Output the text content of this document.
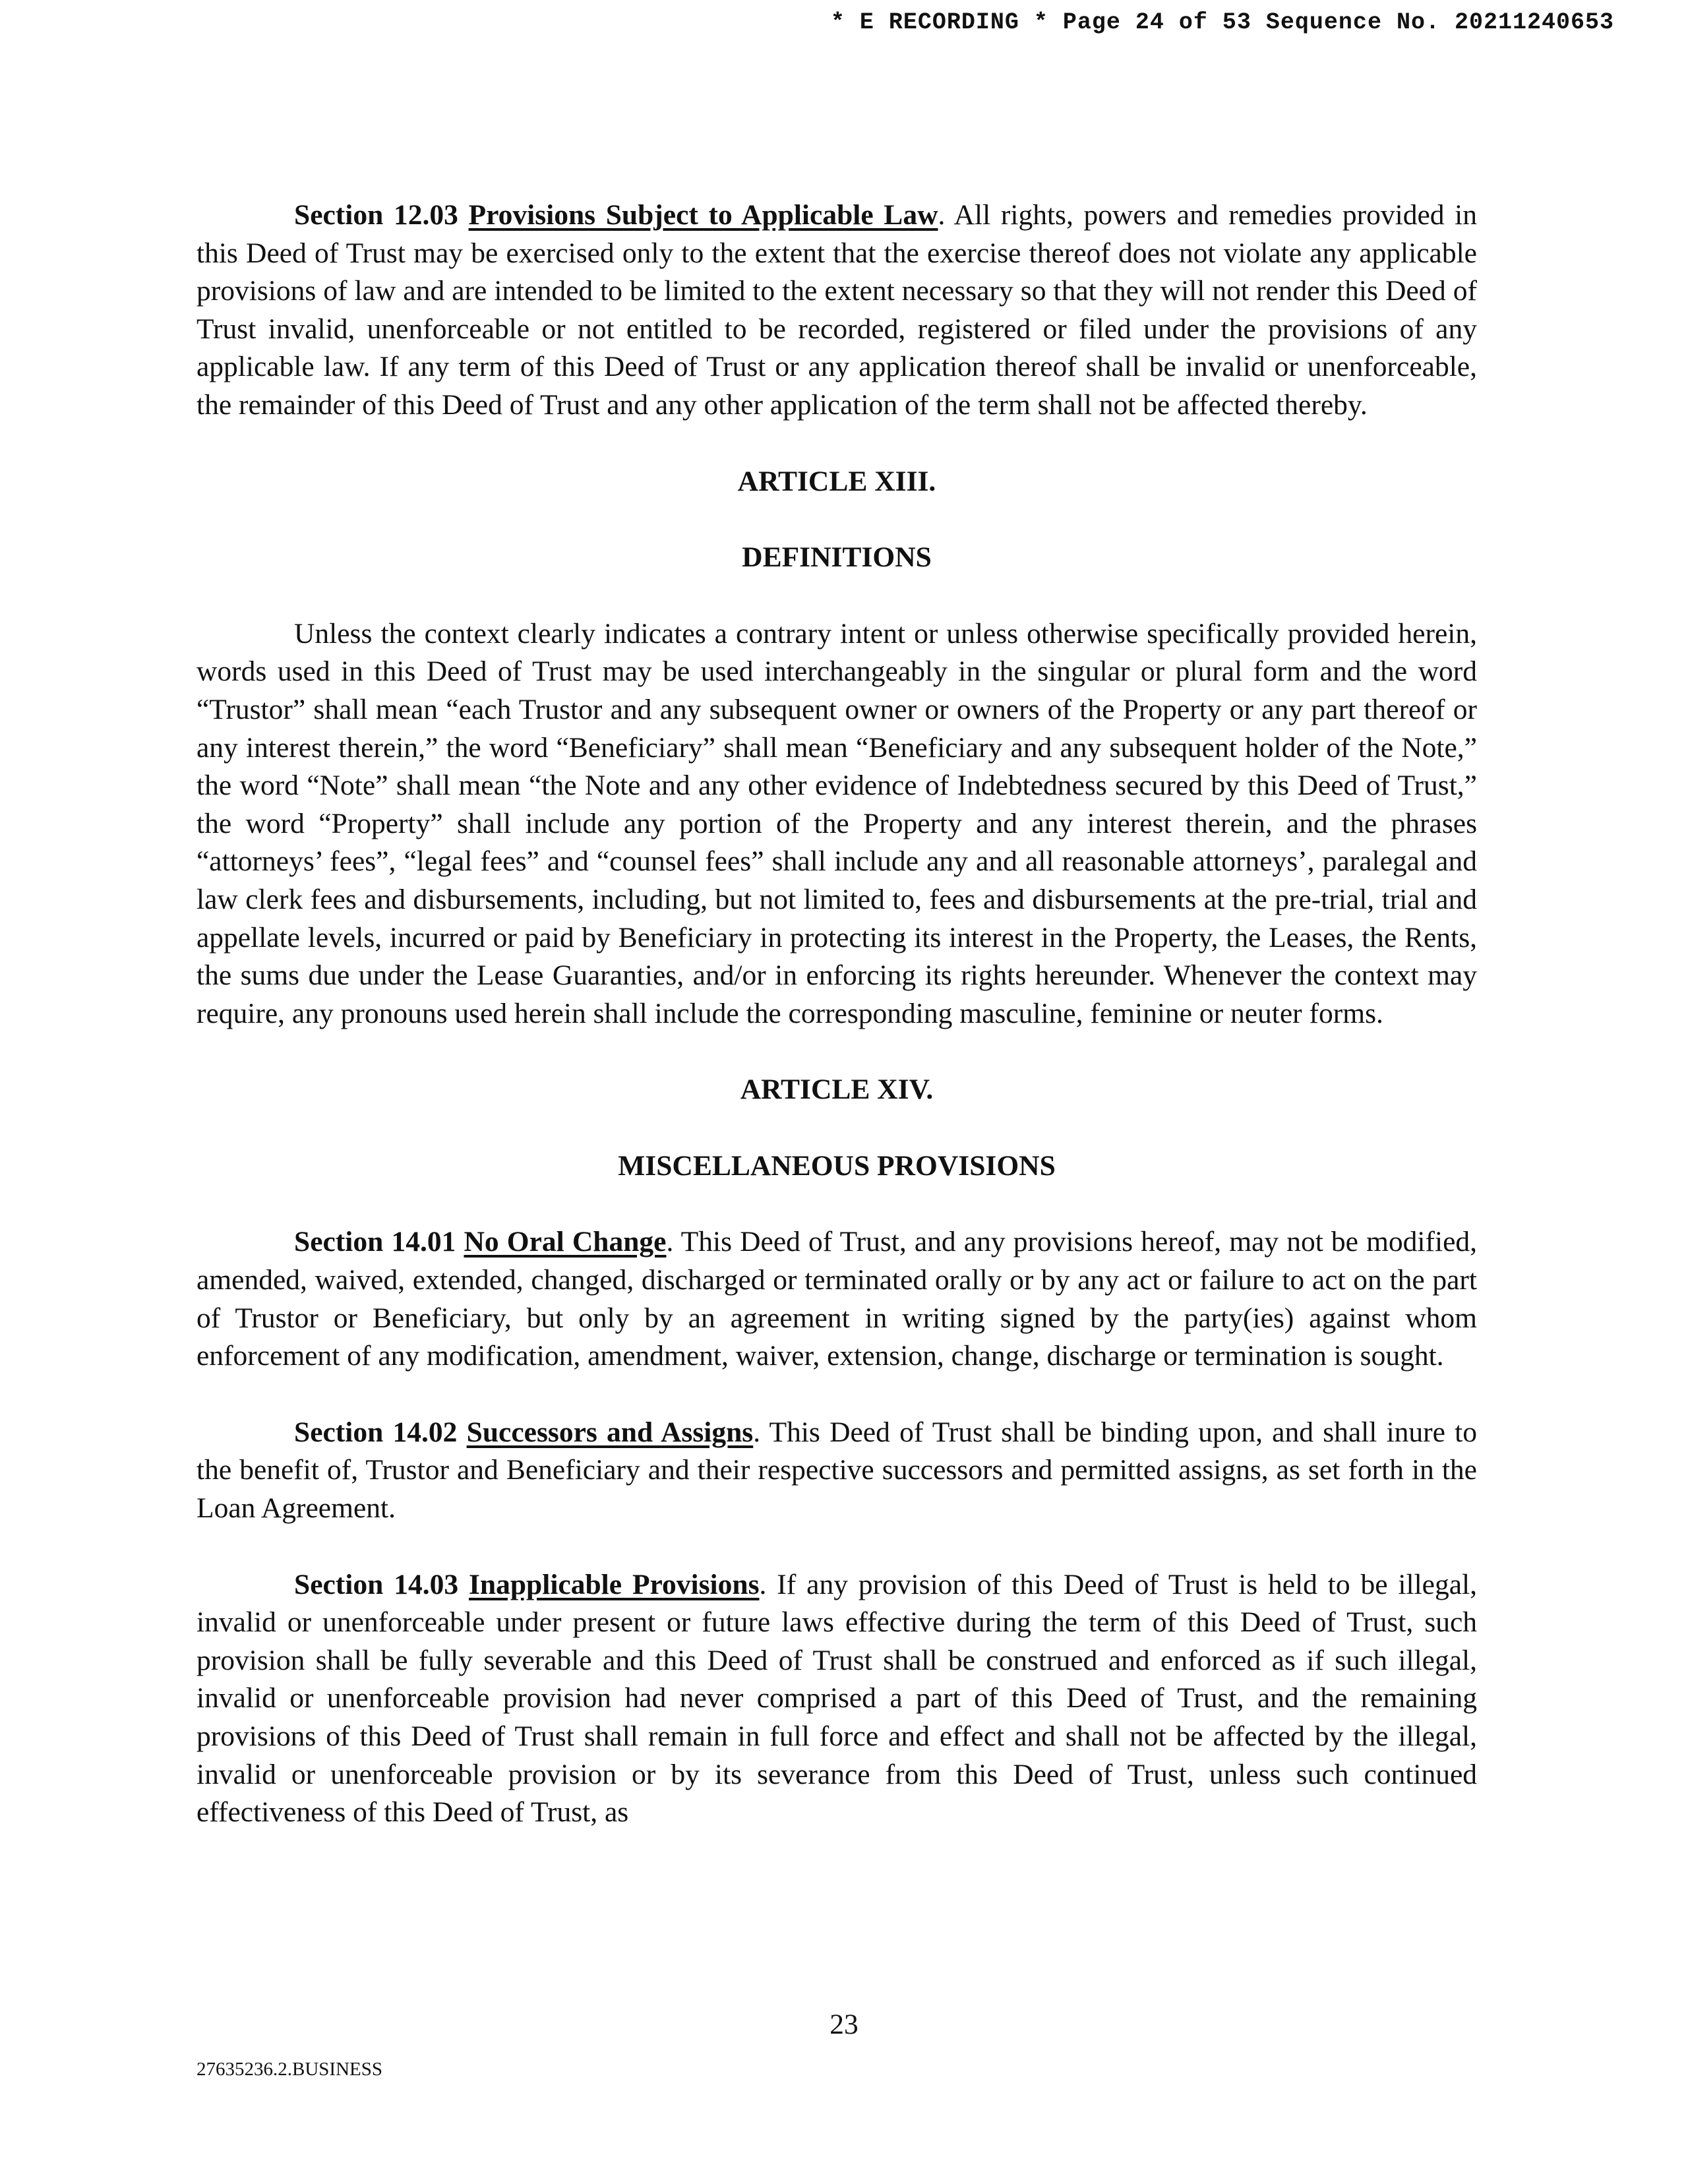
* E RECORDING * Page 24 of 53 Sequence No. 20211240653

Section 12.03 Provisions Subject to Applicable Law. All rights, powers and remedies provided in this Deed of Trust may be exercised only to the extent that the exercise thereof does not violate any applicable provisions of law and are intended to be limited to the extent necessary so that they will not render this Deed of Trust invalid, unenforceable or not entitled to be recorded, registered or filed under the provisions of any applicable law. If any term of this Deed of Trust or any application thereof shall be invalid or unenforceable, the remainder of this Deed of Trust and any other application of the term shall not be affected thereby.

ARTICLE XIII.

DEFINITIONS

Unless the context clearly indicates a contrary intent or unless otherwise specifically provided herein, words used in this Deed of Trust may be used interchangeably in the singular or plural form and the word “Trustor” shall mean “each Trustor and any subsequent owner or owners of the Property or any part thereof or any interest therein,” the word “Beneficiary” shall mean “Beneficiary and any subsequent holder of the Note,” the word “Note” shall mean “the Note and any other evidence of Indebtedness secured by this Deed of Trust,” the word “Property” shall include any portion of the Property and any interest therein, and the phrases “attorneys’ fees”, “legal fees” and “counsel fees” shall include any and all reasonable attorneys’, paralegal and law clerk fees and disbursements, including, but not limited to, fees and disbursements at the pre-trial, trial and appellate levels, incurred or paid by Beneficiary in protecting its interest in the Property, the Leases, the Rents, the sums due under the Lease Guaranties, and/or in enforcing its rights hereunder. Whenever the context may require, any pronouns used herein shall include the corresponding masculine, feminine or neuter forms.

ARTICLE XIV.

MISCELLANEOUS PROVISIONS

Section 14.01 No Oral Change. This Deed of Trust, and any provisions hereof, may not be modified, amended, waived, extended, changed, discharged or terminated orally or by any act or failure to act on the part of Trustor or Beneficiary, but only by an agreement in writing signed by the party(ies) against whom enforcement of any modification, amendment, waiver, extension, change, discharge or termination is sought.

Section 14.02 Successors and Assigns. This Deed of Trust shall be binding upon, and shall inure to the benefit of, Trustor and Beneficiary and their respective successors and permitted assigns, as set forth in the Loan Agreement.

Section 14.03 Inapplicable Provisions. If any provision of this Deed of Trust is held to be illegal, invalid or unenforceable under present or future laws effective during the term of this Deed of Trust, such provision shall be fully severable and this Deed of Trust shall be construed and enforced as if such illegal, invalid or unenforceable provision had never comprised a part of this Deed of Trust, and the remaining provisions of this Deed of Trust shall remain in full force and effect and shall not be affected by the illegal, invalid or unenforceable provision or by its severance from this Deed of Trust, unless such continued effectiveness of this Deed of Trust, as

23
27635236.2.BUSINESS
